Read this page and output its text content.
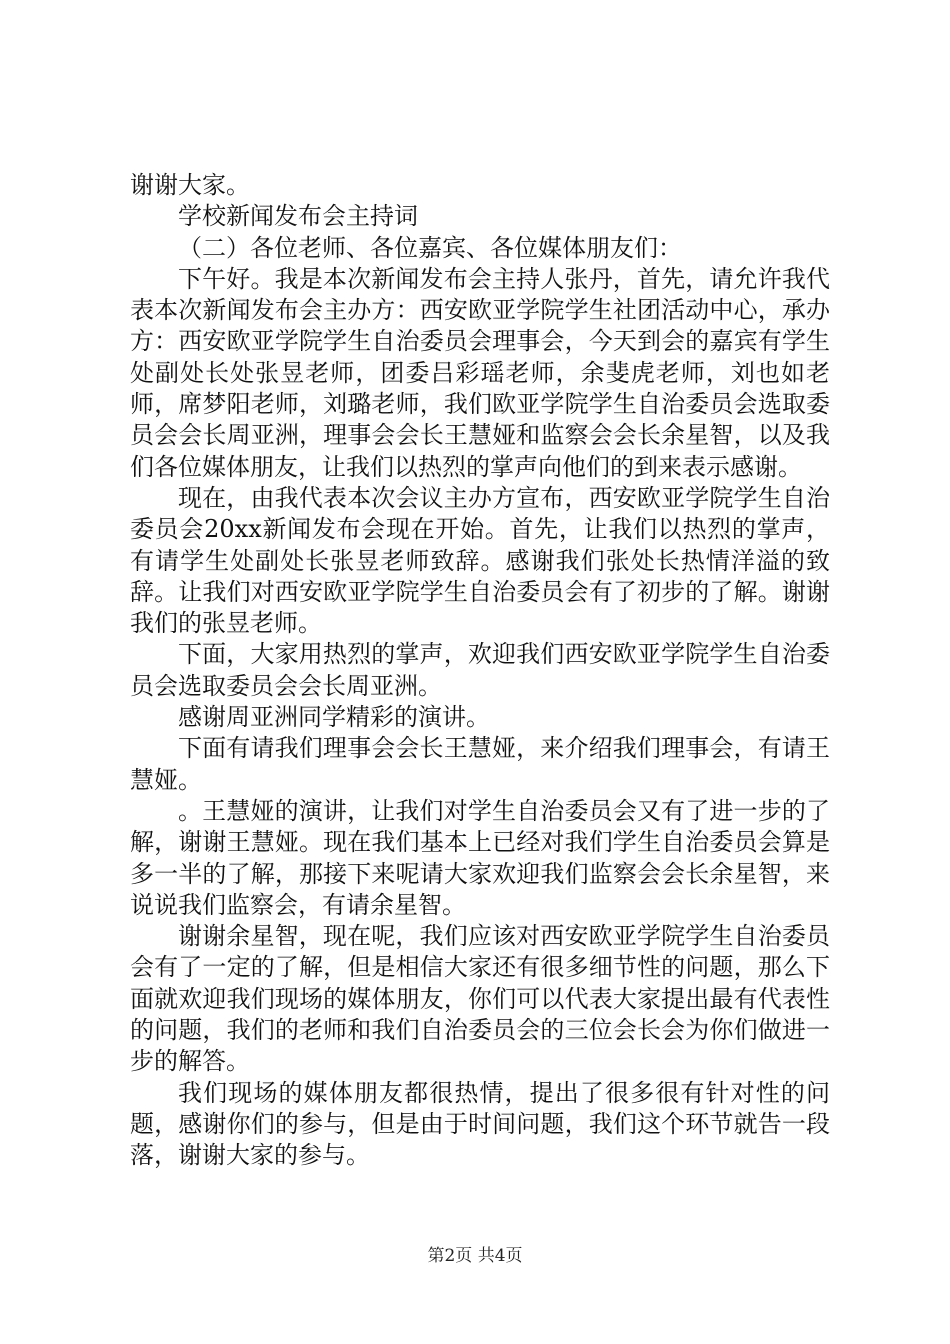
谢谢大家。

学校新闻发布会主持词

（二）各位老师、各位嘉宾、各位媒体朋友们：

下午好。我是本次新闻发布会主持人张丹，首先，请允许我代表本次新闻发布会主办方：西安欧亚学院学生社团活动中心，承办方：西安欧亚学院学生自治委员会理事会，今天到会的嘉宾有学生处副处长处张昱老师，团委吕彩瑶老师，余斐虎老师，刘也如老师，席梦阳老师，刘璐老师，我们欧亚学院学生自治委员会选取委员会会长周亚洲，理事会会长王慧娅和监察会会长余星智，以及我们各位媒体朋友，让我们以热烈的掌声向他们的到来表示感谢。

现在，由我代表本次会议主办方宣布，西安欧亚学院学生自治委员会20xx新闻发布会现在开始。首先，让我们以热烈的掌声，有请学生处副处长张昱老师致辞。感谢我们张处长热情洋溢的致辞。让我们对西安欧亚学院学生自治委员会有了初步的了解。谢谢我们的张昱老师。

下面，大家用热烈的掌声，欢迎我们西安欧亚学院学生自治委员会选取委员会会长周亚洲。

感谢周亚洲同学精彩的演讲。

下面有请我们理事会会长王慧娅，来介绍我们理事会，有请王慧娅。

。王慧娅的演讲，让我们对学生自治委员会又有了进一步的了解，谢谢王慧娅。现在我们基本上已经对我们学生自治委员会算是多一半的了解，那接下来呢请大家欢迎我们监察会会长余星智，来说说我们监察会，有请余星智。

谢谢余星智，现在呢，我们应该对西安欧亚学院学生自治委员会有了一定的了解，但是相信大家还有很多细节性的问题，那么下面就欢迎我们现场的媒体朋友，你们可以代表大家提出最有代表性的问题，我们的老师和我们自治委员会的三位会长会为你们做进一步的解答。

我们现场的媒体朋友都很热情，提出了很多很有针对性的问题，感谢你们的参与，但是由于时间问题，我们这个环节就告一段落，谢谢大家的参与。

第2页 共4页
